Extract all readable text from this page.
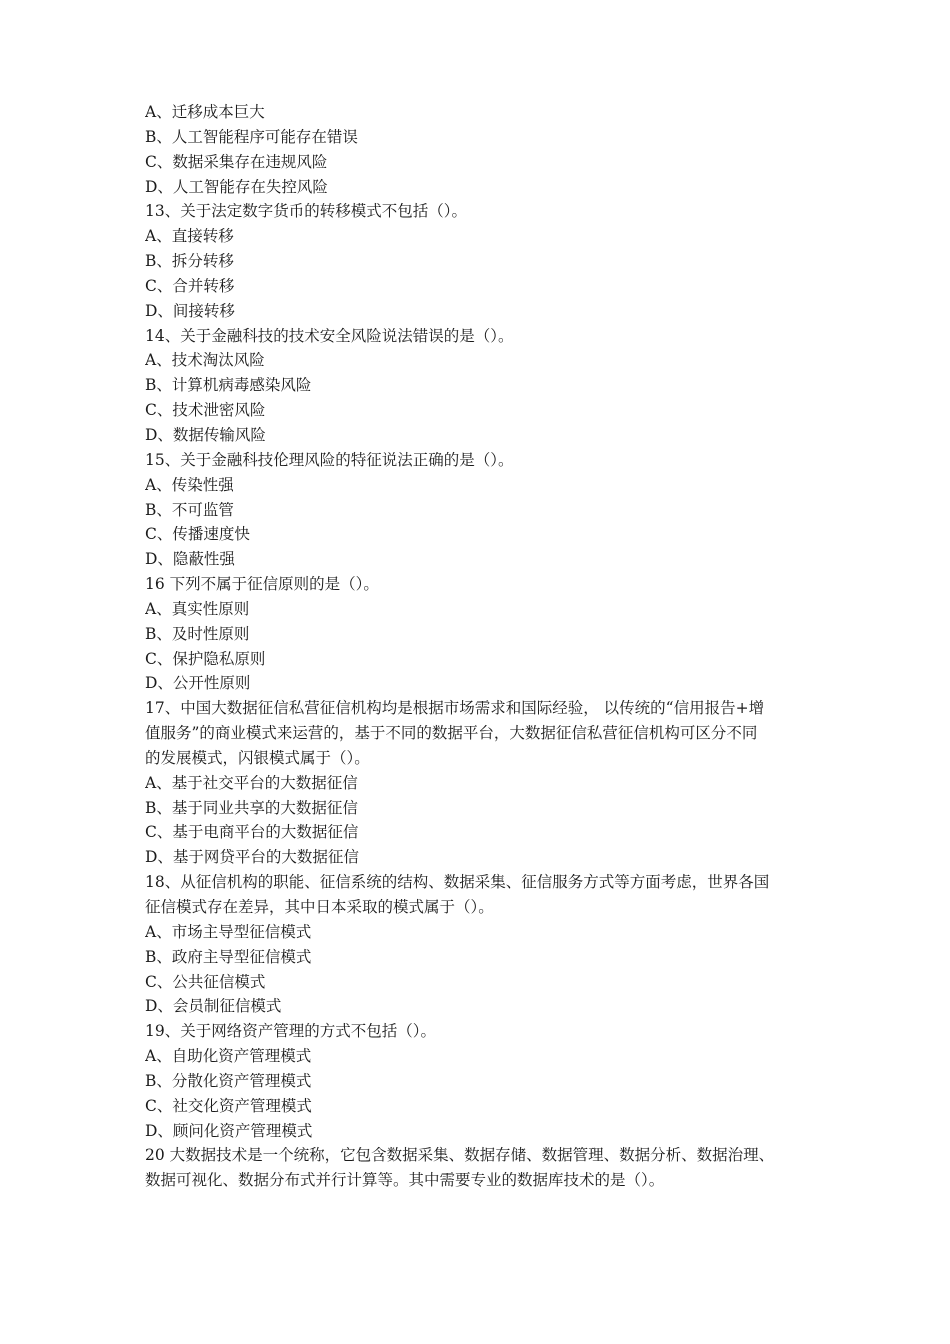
A、迁移成本巨大
B、人工智能程序可能存在错误
C、数据采集存在违规风险
D、人工智能存在失控风险
13、关于法定数字货币的转移模式不包括（）。
A、直接转移
B、拆分转移
C、合并转移
D、间接转移
14、关于金融科技的技术安全风险说法错误的是（）。
A、技术淘汰风险
B、计算机病毒感染风险
C、技术泄密风险
D、数据传输风险
15、关于金融科技伦理风险的特征说法正确的是（）。
A、传染性强
B、不可监管
C、传播速度快
D、隐蔽性强
16 下列不属于征信原则的是（）。
A、真实性原则
B、及时性原则
C、保护隐私原则
D、公开性原则
17、中国大数据征信私营征信机构均是根据市场需求和国际经验， 以传统的“信用报告+增
值服务”的商业模式来运营的，基于不同的数据平台，大数据征信私营征信机构可区分不同
的发展模式，闪银模式属于（）。
A、基于社交平台的大数据征信
B、基于同业共享的大数据征信
C、基于电商平台的大数据征信
D、基于网贷平台的大数据征信
18、从征信机构的职能、征信系统的结构、数据采集、征信服务方式等方面考虑，世界各国
征信模式存在差异，其中日本采取的模式属于（）。
A、市场主导型征信模式
B、政府主导型征信模式
C、公共征信模式
D、会员制征信模式
19、关于网络资产管理的方式不包括（）。
A、自助化资产管理模式
B、分散化资产管理模式
C、社交化资产管理模式
D、顾问化资产管理模式
20 大数据技术是一个统称，它包含数据采集、数据存储、数据管理、数据分析、数据治理、
数据可视化、数据分布式并行计算等。其中需要专业的数据库技术的是（）。
